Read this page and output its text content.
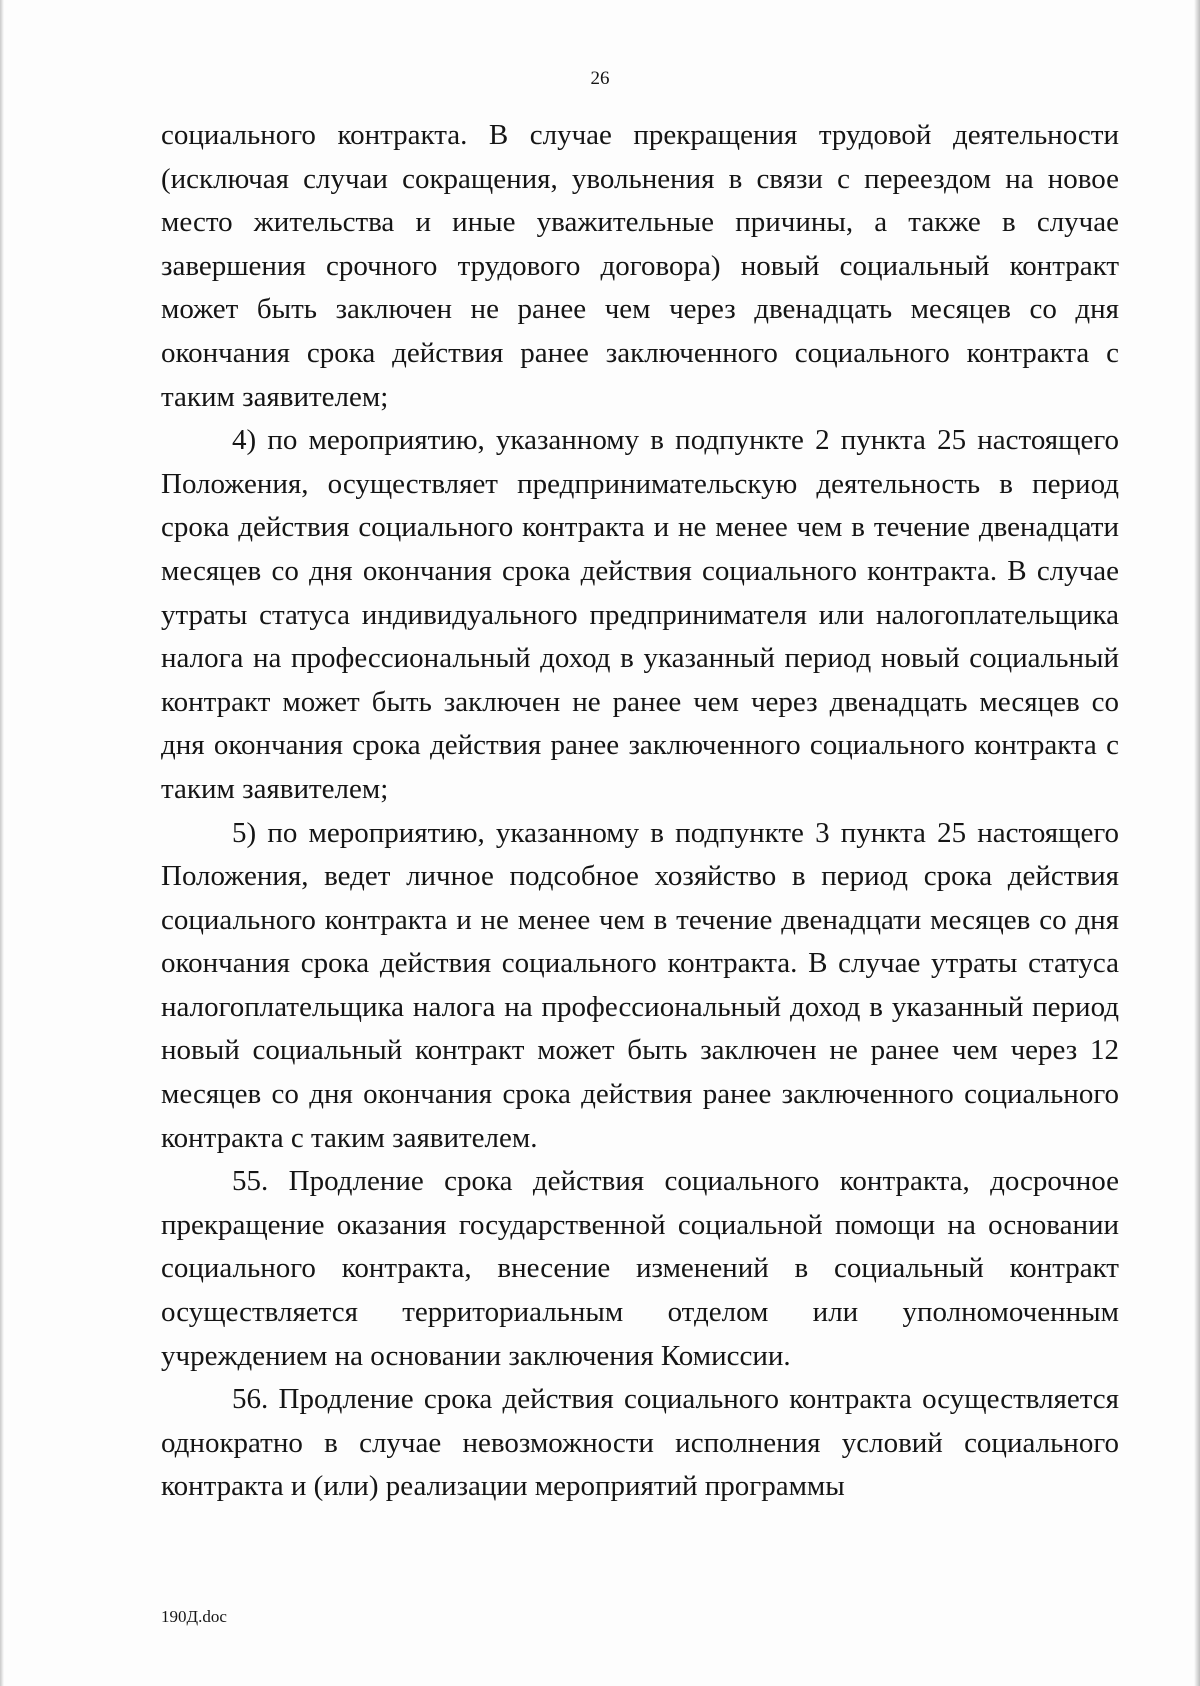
26

социального контракта. В случае прекращения трудовой деятельности (исключая случаи сокращения, увольнения в связи с переездом на новое место жительства и иные уважительные причины, а также в случае завершения срочного трудового договора) новый социальный контракт может быть заключен не ранее чем через двенадцать месяцев со дня окончания срока действия ранее заключенного социального контракта с таким заявителем;

4) по мероприятию, указанному в подпункте 2 пункта 25 настоящего Положения, осуществляет предпринимательскую деятельность в период срока действия социального контракта и не менее чем в течение двенадцати месяцев со дня окончания срока действия социального контракта. В случае утраты статуса индивидуального предпринимателя или налогоплательщика налога на профессиональный доход в указанный период новый социальный контракт может быть заключен не ранее чем через двенадцать месяцев со дня окончания срока действия ранее заключенного социального контракта с таким заявителем;

5) по мероприятию, указанному в подпункте 3 пункта 25 настоящего Положения, ведет личное подсобное хозяйство в период срока действия социального контракта и не менее чем в течение двенадцати месяцев со дня окончания срока действия социального контракта. В случае утраты статуса налогоплательщика налога на профессиональный доход в указанный период новый социальный контракт может быть заключен не ранее чем через 12 месяцев со дня окончания срока действия ранее заключенного социального контракта с таким заявителем.

55. Продление срока действия социального контракта, досрочное прекращение оказания государственной социальной помощи на основании социального контракта, внесение изменений в социальный контракт осуществляется территориальным отделом или уполномоченным учреждением на основании заключения Комиссии.

56. Продление срока действия социального контракта осуществляется однократно в случае невозможности исполнения условий социального контракта и (или) реализации мероприятий программы

190Д.doc
